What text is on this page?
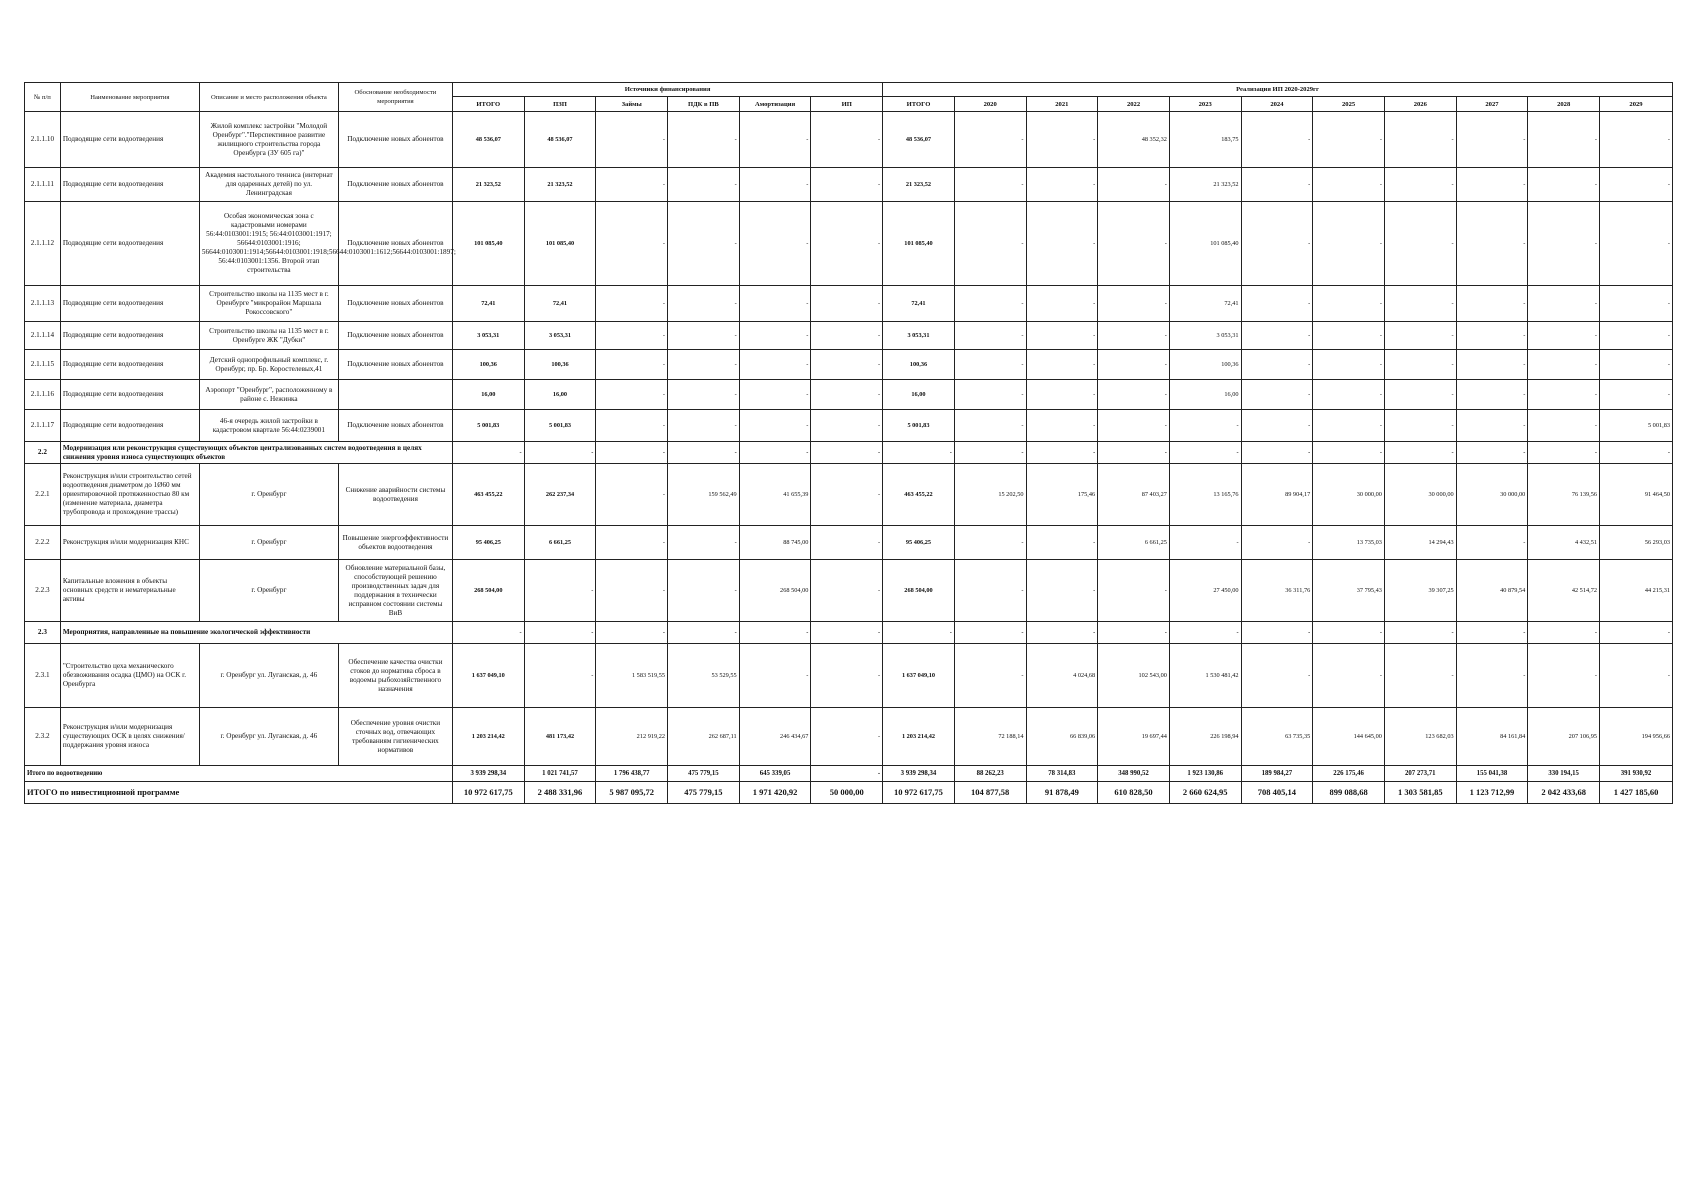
№ п/п	Наименование мероприятия	Описание и место расположения объекта	Обоснование необходимости мероприятия	Источники финансирования						Реализация ИП 2020-2029гг										
				ИТОГО	ПЗП	Займы	ПДК в ПВ	Амортизация	ИП	ИТОГО	2020	2021	2022	2023	2024	2025	2026	2027	2028	2029
2.1.1.10	Подводящие сети водоотведения	Жилой комплекс застройки "Молодой Оренбург"."Перспективное развитие жилищного строительства города Оренбурга (ЗУ 605 га)"	Подключение новых абонентов	48 536,07	48 536,07	-	-	-	-	48 536,07	-	-	48 352,32	183,75	-	-	-	-	-	-
2.1.1.11	Подводящие сети водоотведения	Академия настольного тенниса (интернат для одаренных детей) по ул. Ленинградская	Подключение новых абонентов	21 323,52	21 323,52	-	-	-	-	21 323,52	-	-	-	21 323,52	-	-	-	-	-	-
2.1.1.12	Подводящие сети водоотведения	Особая экономическая зона с кадастровыми номерами 56:44:0103001:1915; 56:44:0103001:1917; 56644:0103001:1916; 56644:0103001:1914;56644:0103001:1918;56644:0103001:1612;56644:0103001:1897; 56:44:0103001:1356. Второй этап строительства	Подключение новых абонентов	101 085,40	101 085,40	-	-	-	-	101 085,40	-	-	-	101 085,40	-	-	-	-	-	-
2.1.1.13	Подводящие сети водоотведения	Строительство школы на 1135 мест в г. Оренбурге "микрорайон Маршала Рокоссовского"	Подключение новых абонентов	72,41	72,41	-	-	-	-	72,41	-	-	-	72,41	-	-	-	-	-	-
2.1.1.14	Подводящие сети водоотведения	Строительство школы на 1135 мест в г. Оренбурге ЖК "Дубки"	Подключение новых абонентов	3 053,31	3 053,31	-	-	-	-	3 053,31	-	-	-	3 053,31	-	-	-	-	-	-
2.1.1.15	Подводящие сети водоотведения	Детский однопрофильный комплекс, г. Оренбург, пр. Бр. Коростелевых,41	Подключение новых абонентов	100,36	100,36	-	-	-	-	100,36	-	-	-	100,36	-	-	-	-	-	-
2.1.1.16	Подводящие сети водоотведения	Аэропорт "Оренбург", расположенному в районе с. Нежинка		16,00	16,00	-	-	-	-	16,00	-	-	-	16,00	-	-	-	-	-	-
2.1.1.17	Подводящие сети водоотведения	46-я очередь жилой застройки в кадастровом квартале 56:44:0239001	Подключение новых абонентов	5 001,83	5 001,83	-	-	-	-	5 001,83	-	-	-	-	-	-	-	-	-	5 001,83
2.2	Модернизация или реконструкция существующих объектов централизованных систем водоотведения в целях снижения уровня износа существующих объектов			-	-	-	-	-	-	-	-	-	-	-	-	-	-	-	-	-
2.2.1	Реконструкция и/или строительство сетей водоотведения диаметром до 1Ø60 мм ориентировочной протяженностью 80 км (изменение материала, диаметра трубопровода и прохождение трассы)	г. Оренбург	Снижение аварийности системы водоотведения	463 455,22	262 237,34	-	159 562,49	41 655,39	-	463 455,22	15 202,50	175,46	87 403,27	13 165,76	89 904,17	30 000,00	30 000,00	30 000,00	76 139,56	91 464,50
2.2.2	Реконструкция и/или модернизация КНС	г. Оренбург	Повышение энергоэффективности объектов водоотведения	95 406,25	6 661,25	-	-	88 745,00	-	95 406,25	-	-	6 661,25	-	-	13 735,03	14 294,43	-	4 432,51	56 293,03
2.2.3	Капитальные вложения в объекты основных средств и нематериальные активы	г. Оренбург	Обновление материальной базы, способствующей решению производственных задач для поддержания в технически исправном состоянии системы ВиВ	268 504,00	-	-	-	268 504,00	-	268 504,00	-	-	-	27 450,00	36 311,76	37 795,43	39 307,25	40 879,54	42 514,72	44 215,31
2.3	Мероприятия, направленные на повышение экологической эффективности			-	-	-	-	-	-	-	-	-	-	-	-	-	-	-	-	-
2.3.1	"Строительство цеха механического обезвоживания осадка (ЦМО) на ОСК г. Оренбурга	г. Оренбург ул. Луганская, д. 46	Обеспечение качества очистки стоков до норматива сброса в водоемы рыбохозяйственного назначения	1 637 049,10	-	1 583 519,55	53 529,55	-	-	1 637 049,10	-	4 024,68	102 543,00	1 530 481,42	-	-	-	-	-	-
2.3.2	Реконструкция и/или модернизация существующих ОСК в целях снижения/поддержания уровня износа	г. Оренбург ул. Луганская, д. 46	Обеспечение уровня очистки сточных вод, отвечающих требованиям гигиенических нормативов	1 203 214,42	481 173,42	212 919,22	262 687,11	246 434,67	-	1 203 214,42	72 188,14	66 839,06	19 697,44	226 198,94	63 735,35	144 645,00	123 682,03	84 161,84	207 106,95	194 956,66
Итого по водоотведению				3 939 298,34	1 021 741,57	1 796 438,77	475 779,15	645 339,05	-	3 939 298,34	88 262,23	78 314,83	348 990,52	1 923 130,86	189 984,27	226 175,46	207 273,71	155 041,38	330 194,15	391 930,92
ИТОГО по инвестиционной программе				10 972 617,75	2 488 331,96	5 987 095,72	475 779,15	1 971 420,92	50 000,00	10 972 617,75	104 877,58	91 878,49	610 828,50	2 660 624,95	708 405,14	899 088,68	1 303 581,85	1 123 712,99	2 042 433,68	1 427 185,60
